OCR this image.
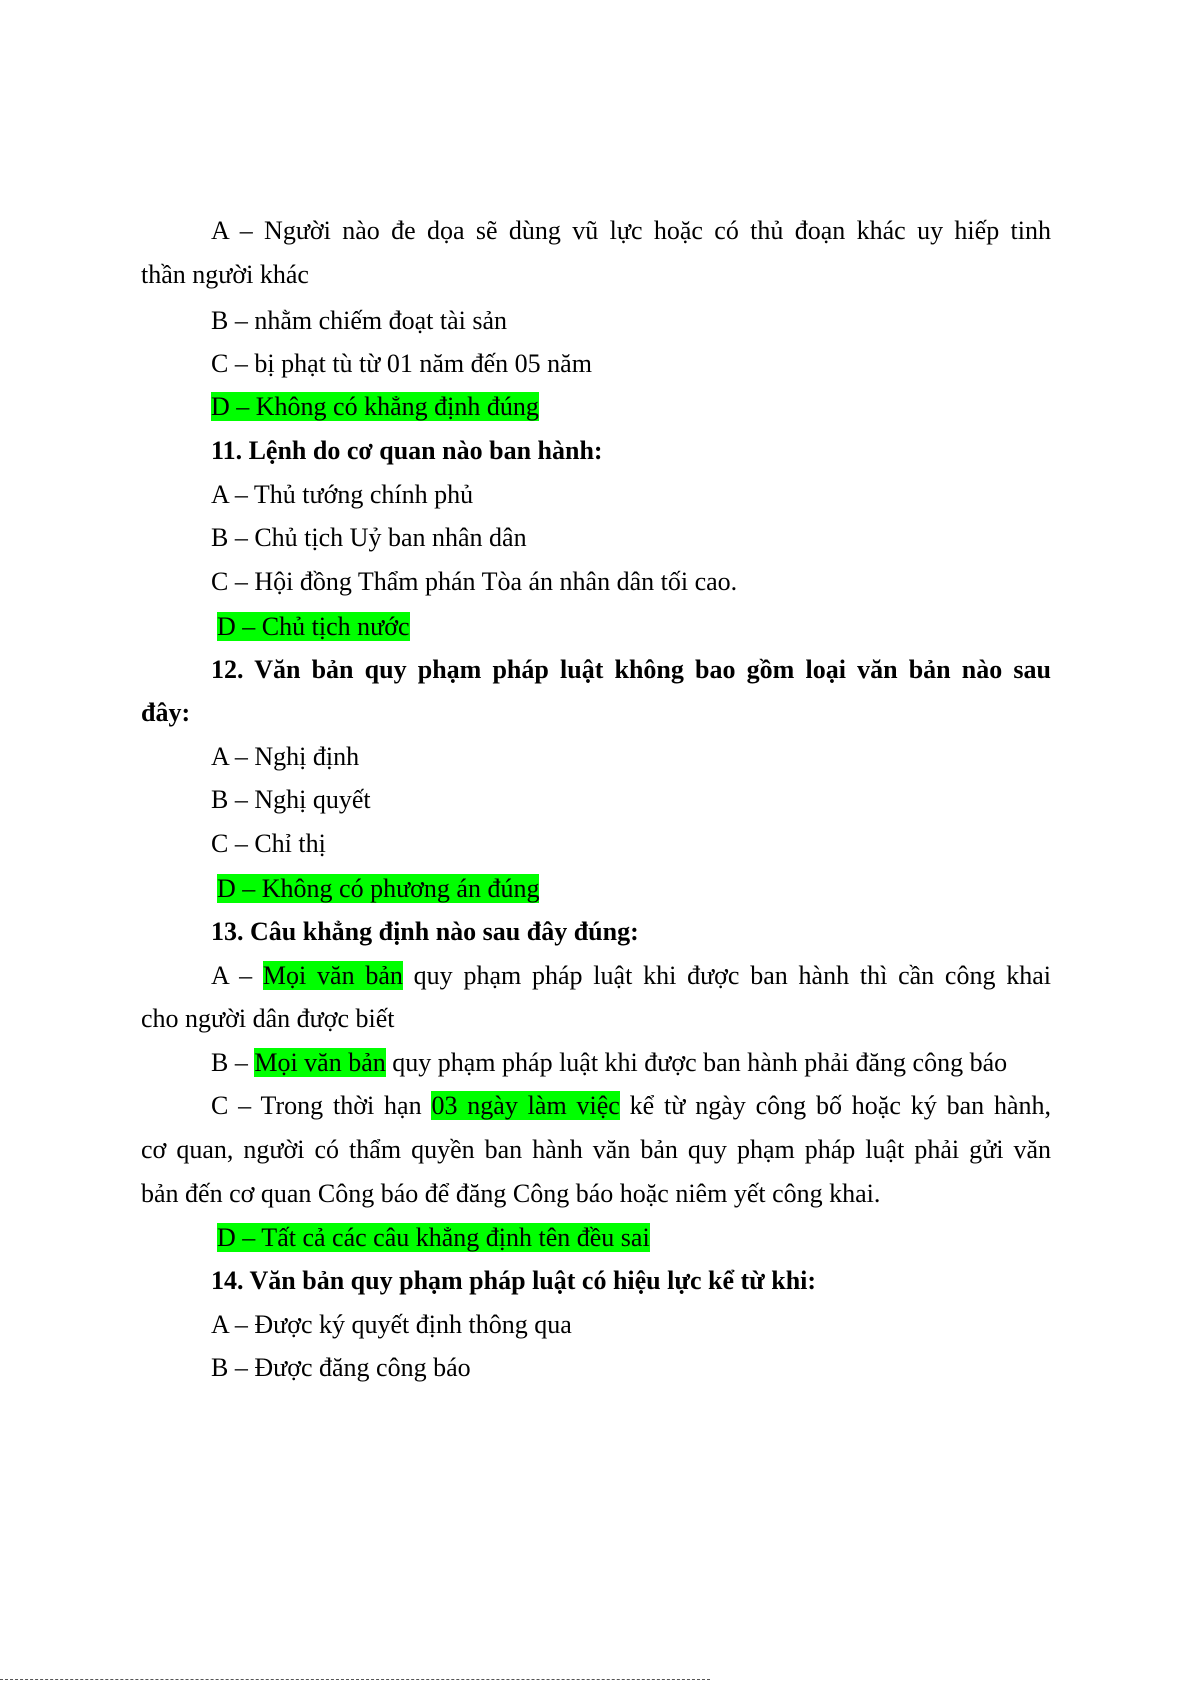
A – Người nào đe dọa sẽ dùng vũ lực hoặc có thủ đoạn khác uy hiếp tinh
thần người khác
B – nhằm chiếm đoạt tài sản
C – bị phạt tù từ 01 năm đến 05 năm
D – Không có khẳng định đúng
11. Lệnh do cơ quan nào ban hành:
A – Thủ tướng chính phủ
B – Chủ tịch Uỷ ban nhân dân
C – Hội đồng Thẩm phán Tòa án nhân dân tối cao.
D – Chủ tịch nước
12. Văn bản quy phạm pháp luật không bao gồm loại văn bản nào sau
đây:
A – Nghị định
B – Nghị quyết
C – Chỉ thị
D – Không có phương án đúng
13. Câu khẳng định nào sau đây đúng:
A – Mọi văn bản quy phạm pháp luật khi được ban hành thì cần công khai
cho người dân được biết
B – Mọi văn bản quy phạm pháp luật khi được ban hành phải đăng công báo
C – Trong thời hạn 03 ngày làm việc kể từ ngày công bố hoặc ký ban hành,
cơ quan, người có thẩm quyền ban hành văn bản quy phạm pháp luật phải gửi văn
bản đến cơ quan Công báo để đăng Công báo hoặc niêm yết công khai.
D – Tất cả các câu khẳng định tên đều sai
14. Văn bản quy phạm pháp luật có hiệu lực kể từ khi:
A – Được ký quyết định thông qua
B – Được đăng công báo
